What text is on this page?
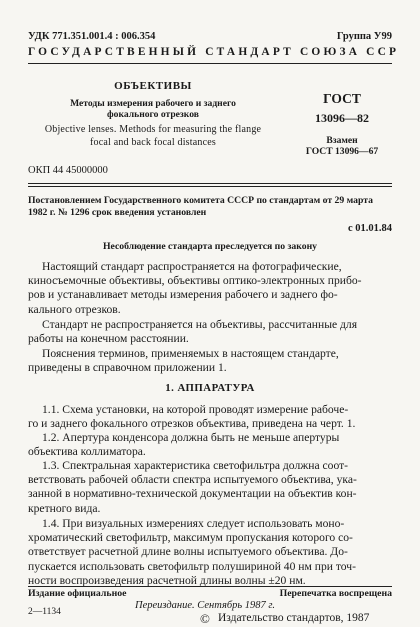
УДК 771.351.001.4 : 006.354	Группа У99
ГОСУДАРСТВЕННЫЙ СТАНДАРТ СОЮЗА ССР
ОБЪЕКТИВЫ
Методы измерения рабочего и заднего
фокального отрезков
Objective lenses. Methods for measuring the flange
focal and back focal distances
ОКП 44 45000000
ГОСТ
13096—82
Взамен
ГОСТ 13096—67
Постановлением Государственного комитета СССР по стандартам от 29 марта
1982 г. № 1296 срок введения установлен
с 01.01.84
Несоблюдение стандарта преследуется по закону
Настоящий стандарт распространяется на фотографические,
киносъемочные объективы, объективы оптико-электронных прибо-
ров и устанавливает методы измерения рабочего и заднего фо-
кального отрезков.
Стандарт не распространяется на объективы, рассчитанные для
работы на конечном расстоянии.
Пояснения терминов, применяемых в настоящем стандарте,
приведены в справочном приложении 1.
1. АППАРАТУРА
1.1. Схема установки, на которой проводят измерение рабоче-
го и заднего фокального отрезков объектива, приведена на черт. 1.
1.2. Апертура конденсора должна быть не меньше апертуры
объектива коллиматора.
1.3. Спектральная характеристика светофильтра должна соот-
ветствовать рабочей области спектра испытуемого объектива, ука-
занной в нормативно-технической документации на объектив кон-
кретного вида.
1.4. При визуальных измерениях следует использовать моно-
хроматический светофильтр, максимум пропускания которого со-
ответствует расчетной длине волны испытуемого объектива. До-
пускается использовать светофильтр полушириной 40 нм при точ-
ности воспроизведения расчетной длины волны ±20 нм.
Издание официальное	Перепечатка воспрещена
Переиздание. Сентябрь 1987 г.
© Издательство стандартов, 1987
2—1134
